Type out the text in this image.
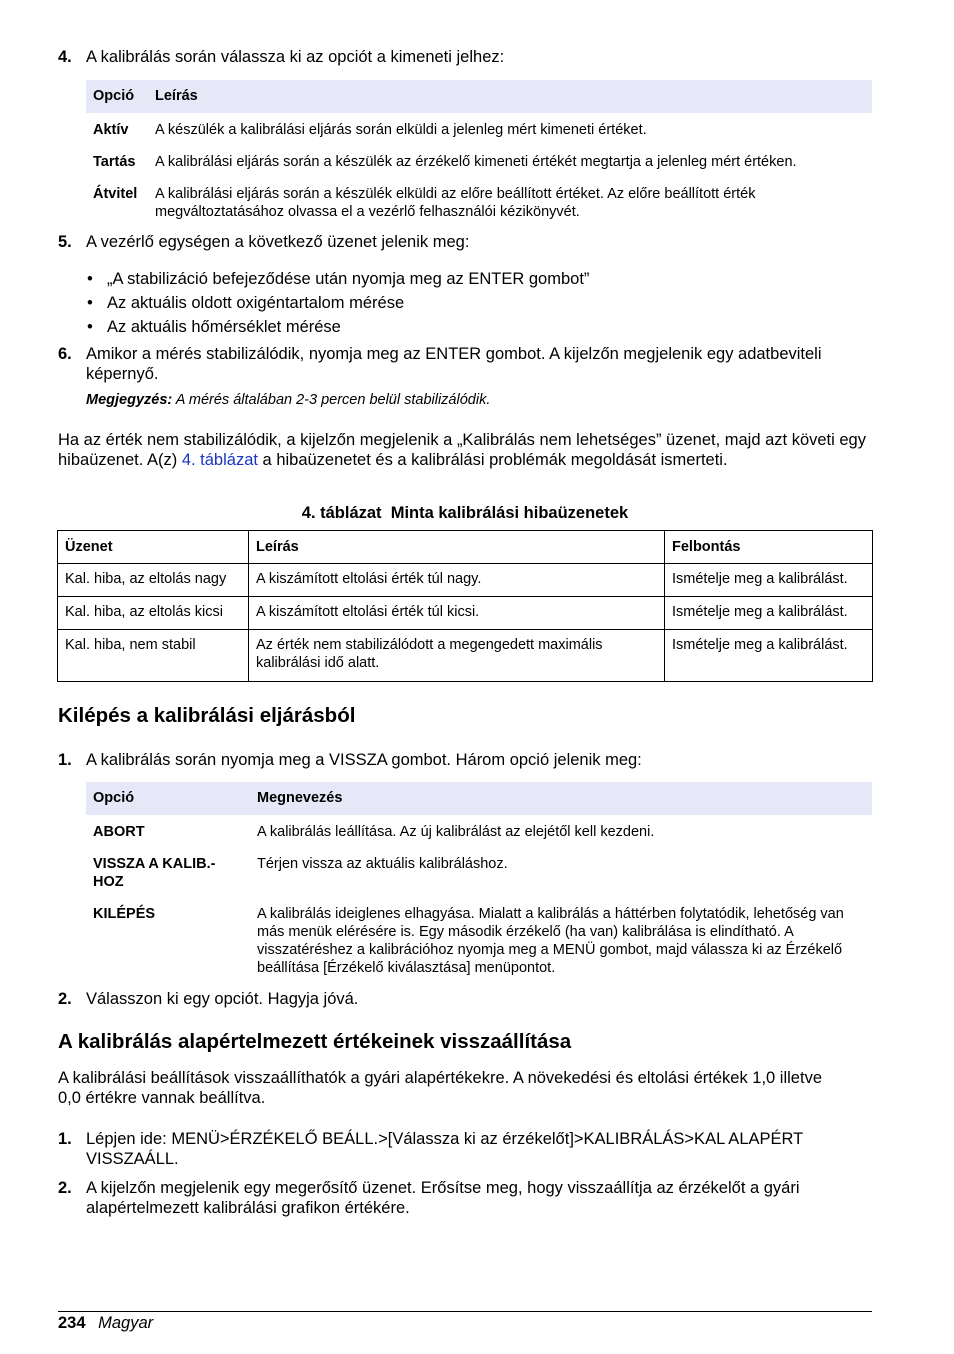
4. A kalibrálás során válassza ki az opciót a kimeneti jelhez:
Opció	Leírás
Aktív	A készülék a kalibrálási eljárás során elküldi a jelenleg mért kimeneti értéket.
Tartás	A kalibrálási eljárás során a készülék az érzékelő kimeneti értékét megtartja a jelenleg mért értéken.
Átvitel	A kalibrálási eljárás során a készülék elküldi az előre beállított értéket. Az előre beállított érték megváltoztatásához olvassa el a vezérlő felhasználói kézikönyvét.
5. A vezérlő egységen a következő üzenet jelenik meg:
• „A stabilizáció befejeződése után nyomja meg az ENTER gombot”
• Az aktuális oldott oxigéntartalom mérése
• Az aktuális hőmérséklet mérése
6. Amikor a mérés stabilizálódik, nyomja meg az ENTER gombot. A kijelzőn megjelenik egy adatbeviteli képernyő.
Megjegyzés: A mérés általában 2-3 percen belül stabilizálódik.
Ha az érték nem stabilizálódik, a kijelzőn megjelenik a „Kalibrálás nem lehetséges” üzenet, majd azt követi egy hibaüzenet. A(z) 4. táblázat a hibaüzenetet és a kalibrálási problémák megoldását ismerteti.
4. táblázat  Minta kalibrálási hibaüzenetek
Üzenet	Leírás	Felbontás
Kal. hiba, az eltolás nagy	A kiszámított eltolási érték túl nagy.	Ismételje meg a kalibrálást.
Kal. hiba, az eltolás kicsi	A kiszámított eltolási érték túl kicsi.	Ismételje meg a kalibrálást.
Kal. hiba, nem stabil	Az érték nem stabilizálódott a megengedett maximális kalibrálási idő alatt.	Ismételje meg a kalibrálást.
Kilépés a kalibrálási eljárásból
1. A kalibrálás során nyomja meg a VISSZA gombot. Három opció jelenik meg:
Opció	Megnevezés
ABORT	A kalibrálás leállítása. Az új kalibrálást az elejétől kell kezdeni.
VISSZA A KALIB.-HOZ	Térjen vissza az aktuális kalibráláshoz.
KILÉPÉS	A kalibrálás ideiglenes elhagyása. Mialatt a kalibrálás a háttérben folytatódik, lehetőség van más menük elérésére is. Egy második érzékelő (ha van) kalibrálása is elindítható. A visszatéréshez a kalibrációhoz nyomja meg a MENÜ gombot, majd válassza ki az Érzékelő beállítása [Érzékelő kiválasztása] menüpontot.
2. Válasszon ki egy opciót. Hagyja jóvá.
A kalibrálás alapértelmezett értékeinek visszaállítása
A kalibrálási beállítások visszaállíthatók a gyári alapértékekre. A növekedési és eltolási értékek 1,0 illetve 0,0 értékre vannak beállítva.
1. Lépjen ide: MENÜ>ÉRZÉKELŐ BEÁLL.>[Válassza ki az érzékelőt]>KALIBRÁLÁS>KAL ALAPÉRT VISSZAÁLL.
2. A kijelzőn megjelenik egy megerősítő üzenet. Erősítse meg, hogy visszaállítja az érzékelőt a gyári alapértelmezett kalibrálási grafikon értékére.
234 Magyar
